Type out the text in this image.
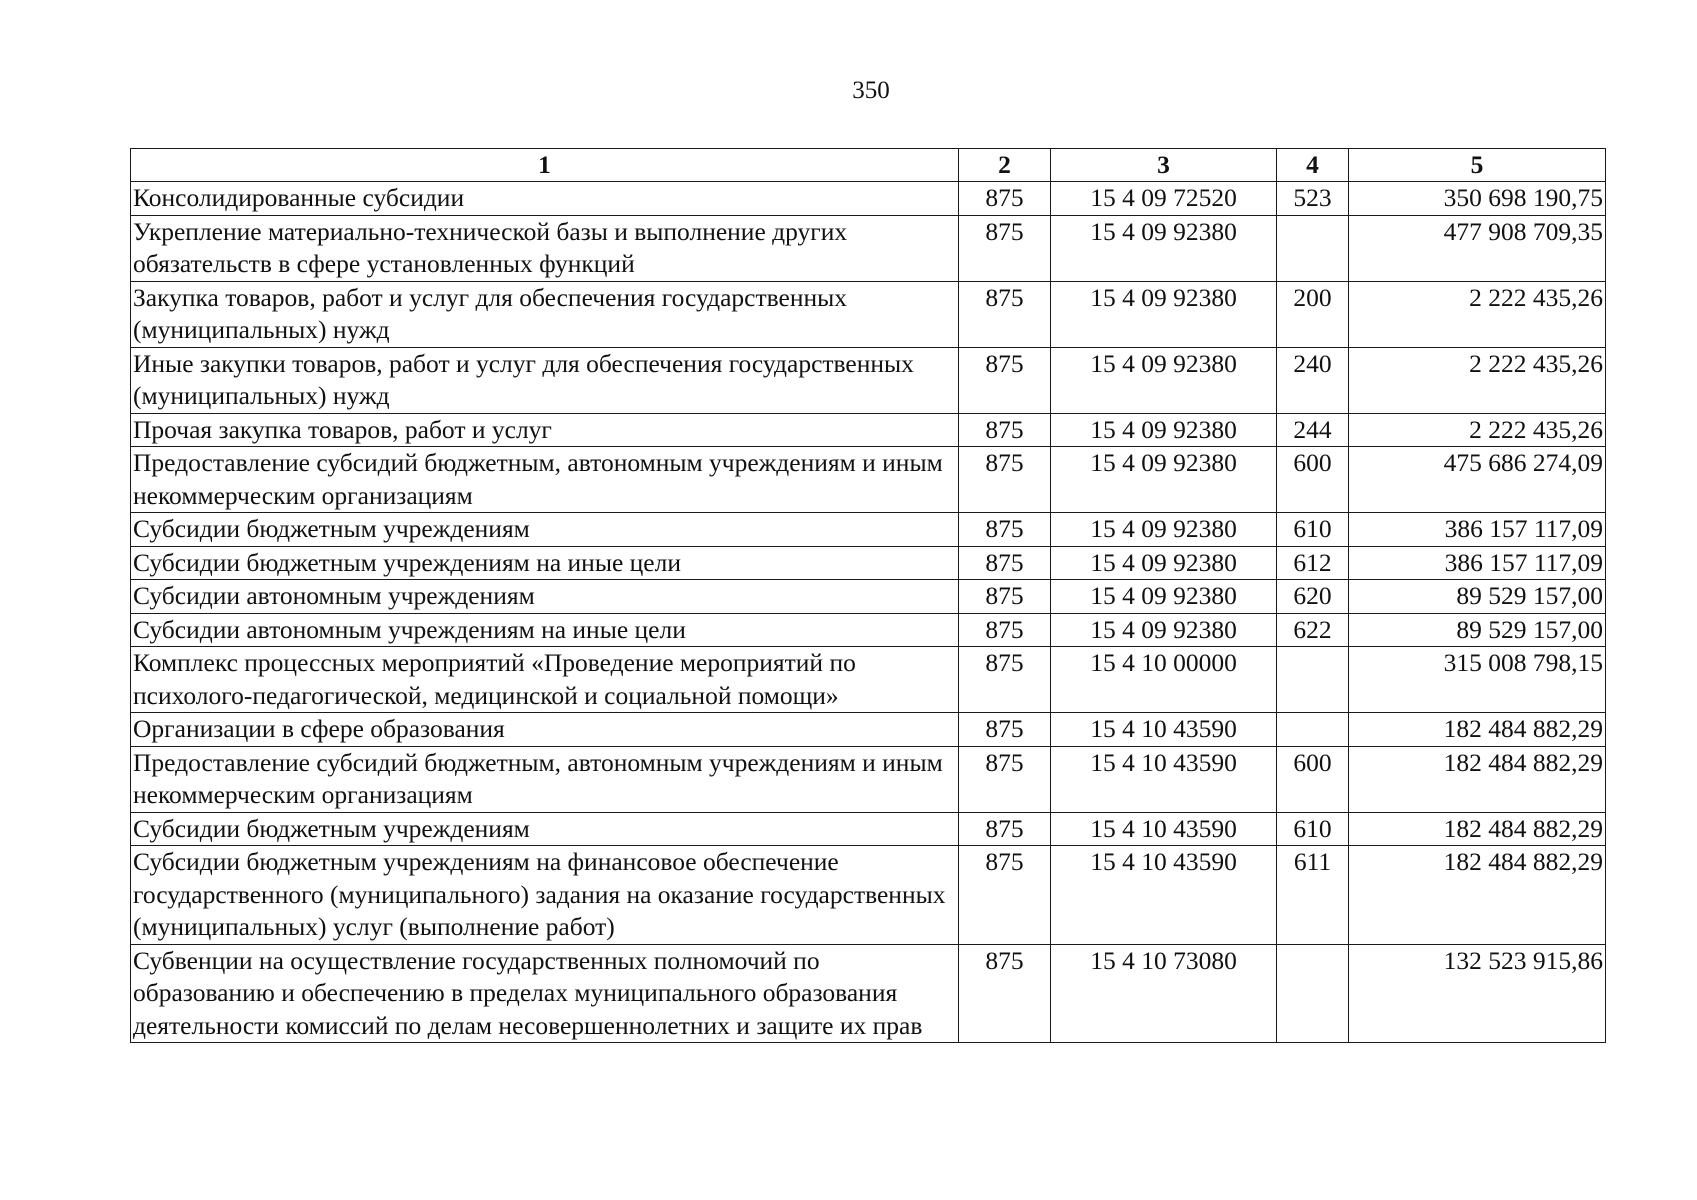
350
1	2	3	4	5
Консолидированные субсидии	875	15 4 09 72520	523	350 698 190,75
Укрепление материально-технической базы и выполнение других обязательств в сфере установленных функций	875	15 4 09 92380		477 908 709,35
Закупка товаров, работ и услуг для обеспечения государственных (муниципальных) нужд	875	15 4 09 92380	200	2 222 435,26
Иные закупки товаров, работ и услуг для обеспечения государственных (муниципальных) нужд	875	15 4 09 92380	240	2 222 435,26
Прочая закупка товаров, работ и услуг	875	15 4 09 92380	244	2 222 435,26
Предоставление субсидий бюджетным, автономным учреждениям и иным некоммерческим организациям	875	15 4 09 92380	600	475 686 274,09
Субсидии бюджетным учреждениям	875	15 4 09 92380	610	386 157 117,09
Субсидии бюджетным учреждениям на иные цели	875	15 4 09 92380	612	386 157 117,09
Субсидии автономным учреждениям	875	15 4 09 92380	620	89 529 157,00
Субсидии автономным учреждениям на иные цели	875	15 4 09 92380	622	89 529 157,00
Комплекс процессных мероприятий «Проведение мероприятий по психолого-педагогической, медицинской и социальной помощи»	875	15 4 10 00000		315 008 798,15
Организации в сфере образования	875	15 4 10 43590		182 484 882,29
Предоставление субсидий бюджетным, автономным учреждениям и иным некоммерческим организациям	875	15 4 10 43590	600	182 484 882,29
Субсидии бюджетным учреждениям	875	15 4 10 43590	610	182 484 882,29
Субсидии бюджетным учреждениям на финансовое обеспечение государственного (муниципального) задания на оказание государственных (муниципальных) услуг (выполнение работ)	875	15 4 10 43590	611	182 484 882,29
Субвенции на осуществление государственных полномочий по образованию и обеспечению в пределах муниципального образования деятельности комиссий по делам несовершеннолетних и защите их прав	875	15 4 10 73080		132 523 915,86
